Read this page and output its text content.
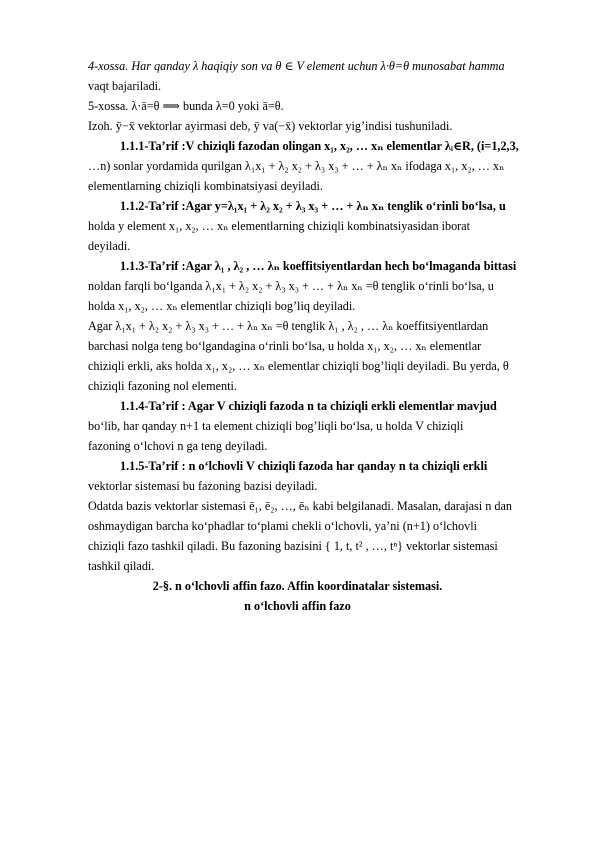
4-xossa. Har qanday λ haqiqiy son va θ ∈ V element uchun λ·θ=θ munosabat hamma
vaqt bajariladi.
5-xossa. λ·ā=θ ⟹ bunda λ=0 yoki ā=θ.
Izoh. ȳ−x̄ vektorlar ayirmasi deb, ȳ va(−x̄) vektorlar yig’indisi tushuniladi.
1.1.1-Ta’rif :V chiziqli fazodan olingan x₁, x₂, … xₙ elementlar λᵢ∈R, (i=1,2,3,
…n) sonlar yordamida qurilgan λ₁x₁ + λ₂ x₂ + λ₃ x₃ + … + λₙ xₙ ifodaga x₁, x₂, … xₙ
elementlarning chiziqli kombinatsiyasi deyiladi.
1.1.2-Ta’rif :Agar y=λ₁x₁ + λ₂ x₂ + λ₃ x₃ + … + λₙ xₙ tenglik o‘rinli bo‘lsa, u
holda y element x₁, x₂, … xₙ elementlarning chiziqli kombinatsiyasidan iborat
deyiladi.
1.1.3-Ta’rif :Agar λ₁ , λ₂ , … λₙ koeffitsiyentlardan hech bo‘lmaganda bittasi
noldan farqli bo‘lganda λ₁x₁ + λ₂ x₂ + λ₃ x₃ + … + λₙ xₙ =θ tenglik o‘rinli bo‘lsa, u
holda x₁, x₂, … xₙ elementlar chiziqli bog’liq deyiladi.
Agar λ₁x₁ + λ₂ x₂ + λ₃ x₃ + … + λₙ xₙ =θ tenglik λ₁ , λ₂ , … λₙ koeffitsiyentlardan
barchasi nolga teng bo‘lgandagina o‘rinli bo‘lsa, u holda x₁, x₂, … xₙ elementlar
chiziqli erkli, aks holda x₁, x₂, … xₙ elementlar chiziqli bog’liqli deyiladi. Bu yerda, θ
chiziqli fazoning nol elementi.
1.1.4-Ta’rif : Agar V chiziqli fazoda n ta chiziqli erkli elementlar mavjud
bo‘lib, har qanday n+1 ta element chiziqli bog’liqli bo‘lsa, u holda V chiziqli
fazoning o‘lchovi n ga teng deyiladi.
1.1.5-Ta’rif : n o‘lchovli V chiziqli fazoda har qanday n ta chiziqli erkli
vektorlar sistemasi bu fazoning bazisi deyiladi.
Odatda bazis vektorlar sistemasi ē₁, ē₂, …, ēₙ kabi belgilanadi. Masalan, darajasi n dan
oshmaydigan barcha ko‘phadlar to‘plami chekli o‘lchovli, ya’ni (n+1) o‘lchovli
chiziqli fazo tashkil qiladi. Bu fazoning bazisini { 1, t, t² , …, tⁿ} vektorlar sistemasi
tashkil qiladi.
2-§. n o‘lchovli affin fazo. Affin koordinatalar sistemasi.
n o‘lchovli affin fazo
